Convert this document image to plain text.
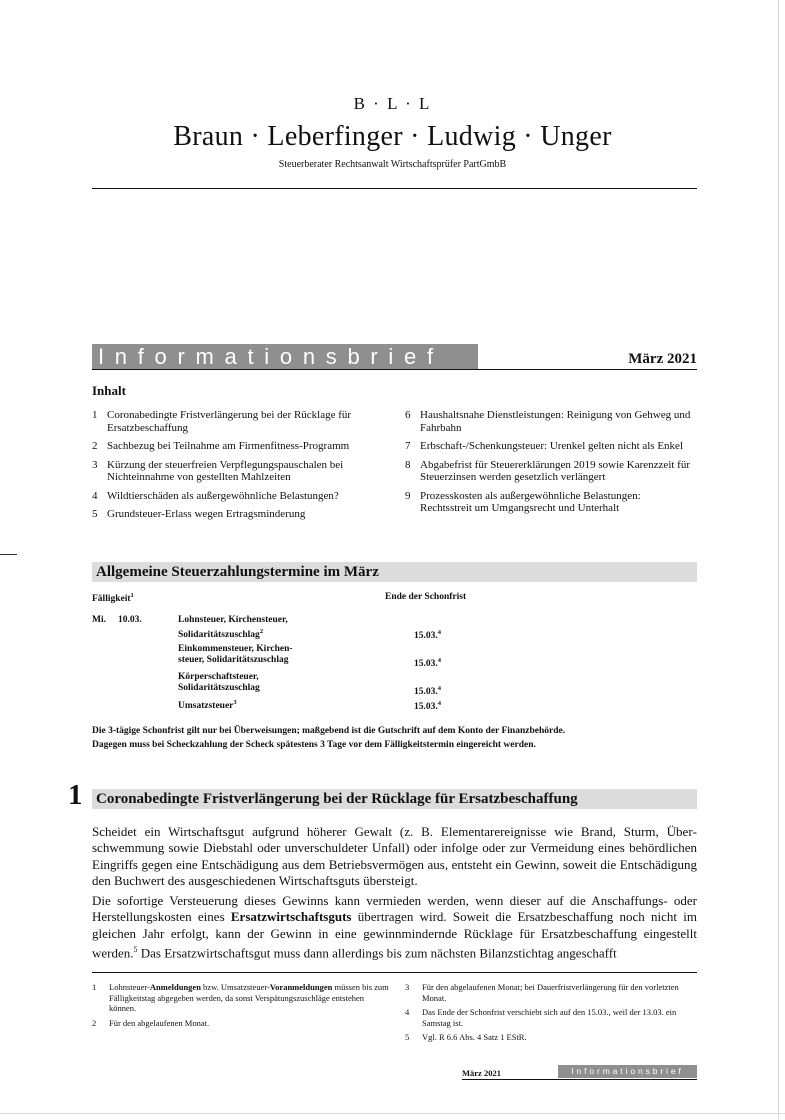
B · L · L
Braun · Leberfinger · Ludwig · Unger
Steuerberater Rechtsanwalt Wirtschaftsprüfer PartGmbB
Informationsbrief	März 2021
Inhalt
1 Coronabedingte Fristverlängerung bei der Rücklage für Ersatzbeschaffung
2 Sachbezug bei Teilnahme am Firmenfitness-Programm
3 Kürzung der steuerfreien Verpflegungspauschalen bei Nichteinnahme von gestellten Mahlzeiten
4 Wildtierschäden als außergewöhnliche Belastungen?
5 Grundsteuer-Erlass wegen Ertragsminderung
6 Haushaltsnahe Dienstleistungen: Reinigung von Gehweg und Fahrbahn
7 Erbschaft-/Schenkungsteuer: Urenkel gelten nicht als Enkel
8 Abgabefrist für Steuererklärungen 2019 sowie Karenzzeit für Steuerzinsen werden gesetzlich verlängert
9 Prozesskosten als außergewöhnliche Belastungen: Rechtsstreit um Umgangsrecht und Unterhalt
Allgemeine Steuerzahlungstermine im März
Fälligkeit$^1$	Ende der Schonfrist
Mi. 10.03.	Lohnsteuer, Kirchensteuer,
Solidaritätszuschlag$^2$	15.03.$^4$
Einkommensteuer, Kirchen-
steuer, Solidaritätszuschlag	15.03.$^4$
Körperschaftsteuer,
Solidaritätszuschlag	15.03.$^4$
Umsatzsteuer$^3$	15.03.$^4$
Die 3-tägige Schonfrist gilt nur bei Überweisungen; maßgebend ist die Gutschrift auf dem Konto der Finanzbehörde.
Dagegen muss bei Scheckzahlung der Scheck spätestens 3 Tage vor dem Fälligkeitstermin eingereicht werden.
1 Coronabedingte Fristverlängerung bei der Rücklage für Ersatzbeschaffung
Scheidet ein Wirtschaftsgut aufgrund höherer Gewalt (z. B. Elementarereignisse wie Brand, Sturm, Überschwemmung sowie Diebstahl oder unverschuldeter Unfall) oder infolge oder zur Vermeidung eines behördlichen Eingriffs gegen eine Entschädigung aus dem Betriebsvermögen aus, entsteht ein Gewinn, soweit die Entschädigung den Buchwert des ausgeschiedenen Wirtschaftsguts übersteigt.
Die sofortige Versteuerung dieses Gewinns kann vermieden werden, wenn dieser auf die Anschaffungs- oder Herstellungskosten eines Ersatzwirtschaftsguts übertragen wird. Soweit die Ersatzbeschaffung noch nicht im gleichen Jahr erfolgt, kann der Gewinn in eine gewinnmindernde Rücklage für Ersatzbeschaffung eingestellt werden.$^5$ Das Ersatzwirtschaftsgut muss dann allerdings bis zum nächsten Bilanzstichtag angeschafft
1 Lohnsteuer-Anmeldungen bzw. Umsatzsteuer-Voranmeldungen müssen bis zum Fälligkeitstag abgegeben werden, da sonst Verspätungszuschläge entstehen können.
2 Für den abgelaufenen Monat.
3 Für den abgelaufenen Monat; bei Dauerfristverlängerung für den vorletzten Monat.
4 Das Ende der Schonfrist verschiebt sich auf den 15.03., weil der 13.03. ein Samstag ist.
5 Vgl. R 6.6 Abs. 4 Satz 1 EStR.
März 2021	Informationsbrief
